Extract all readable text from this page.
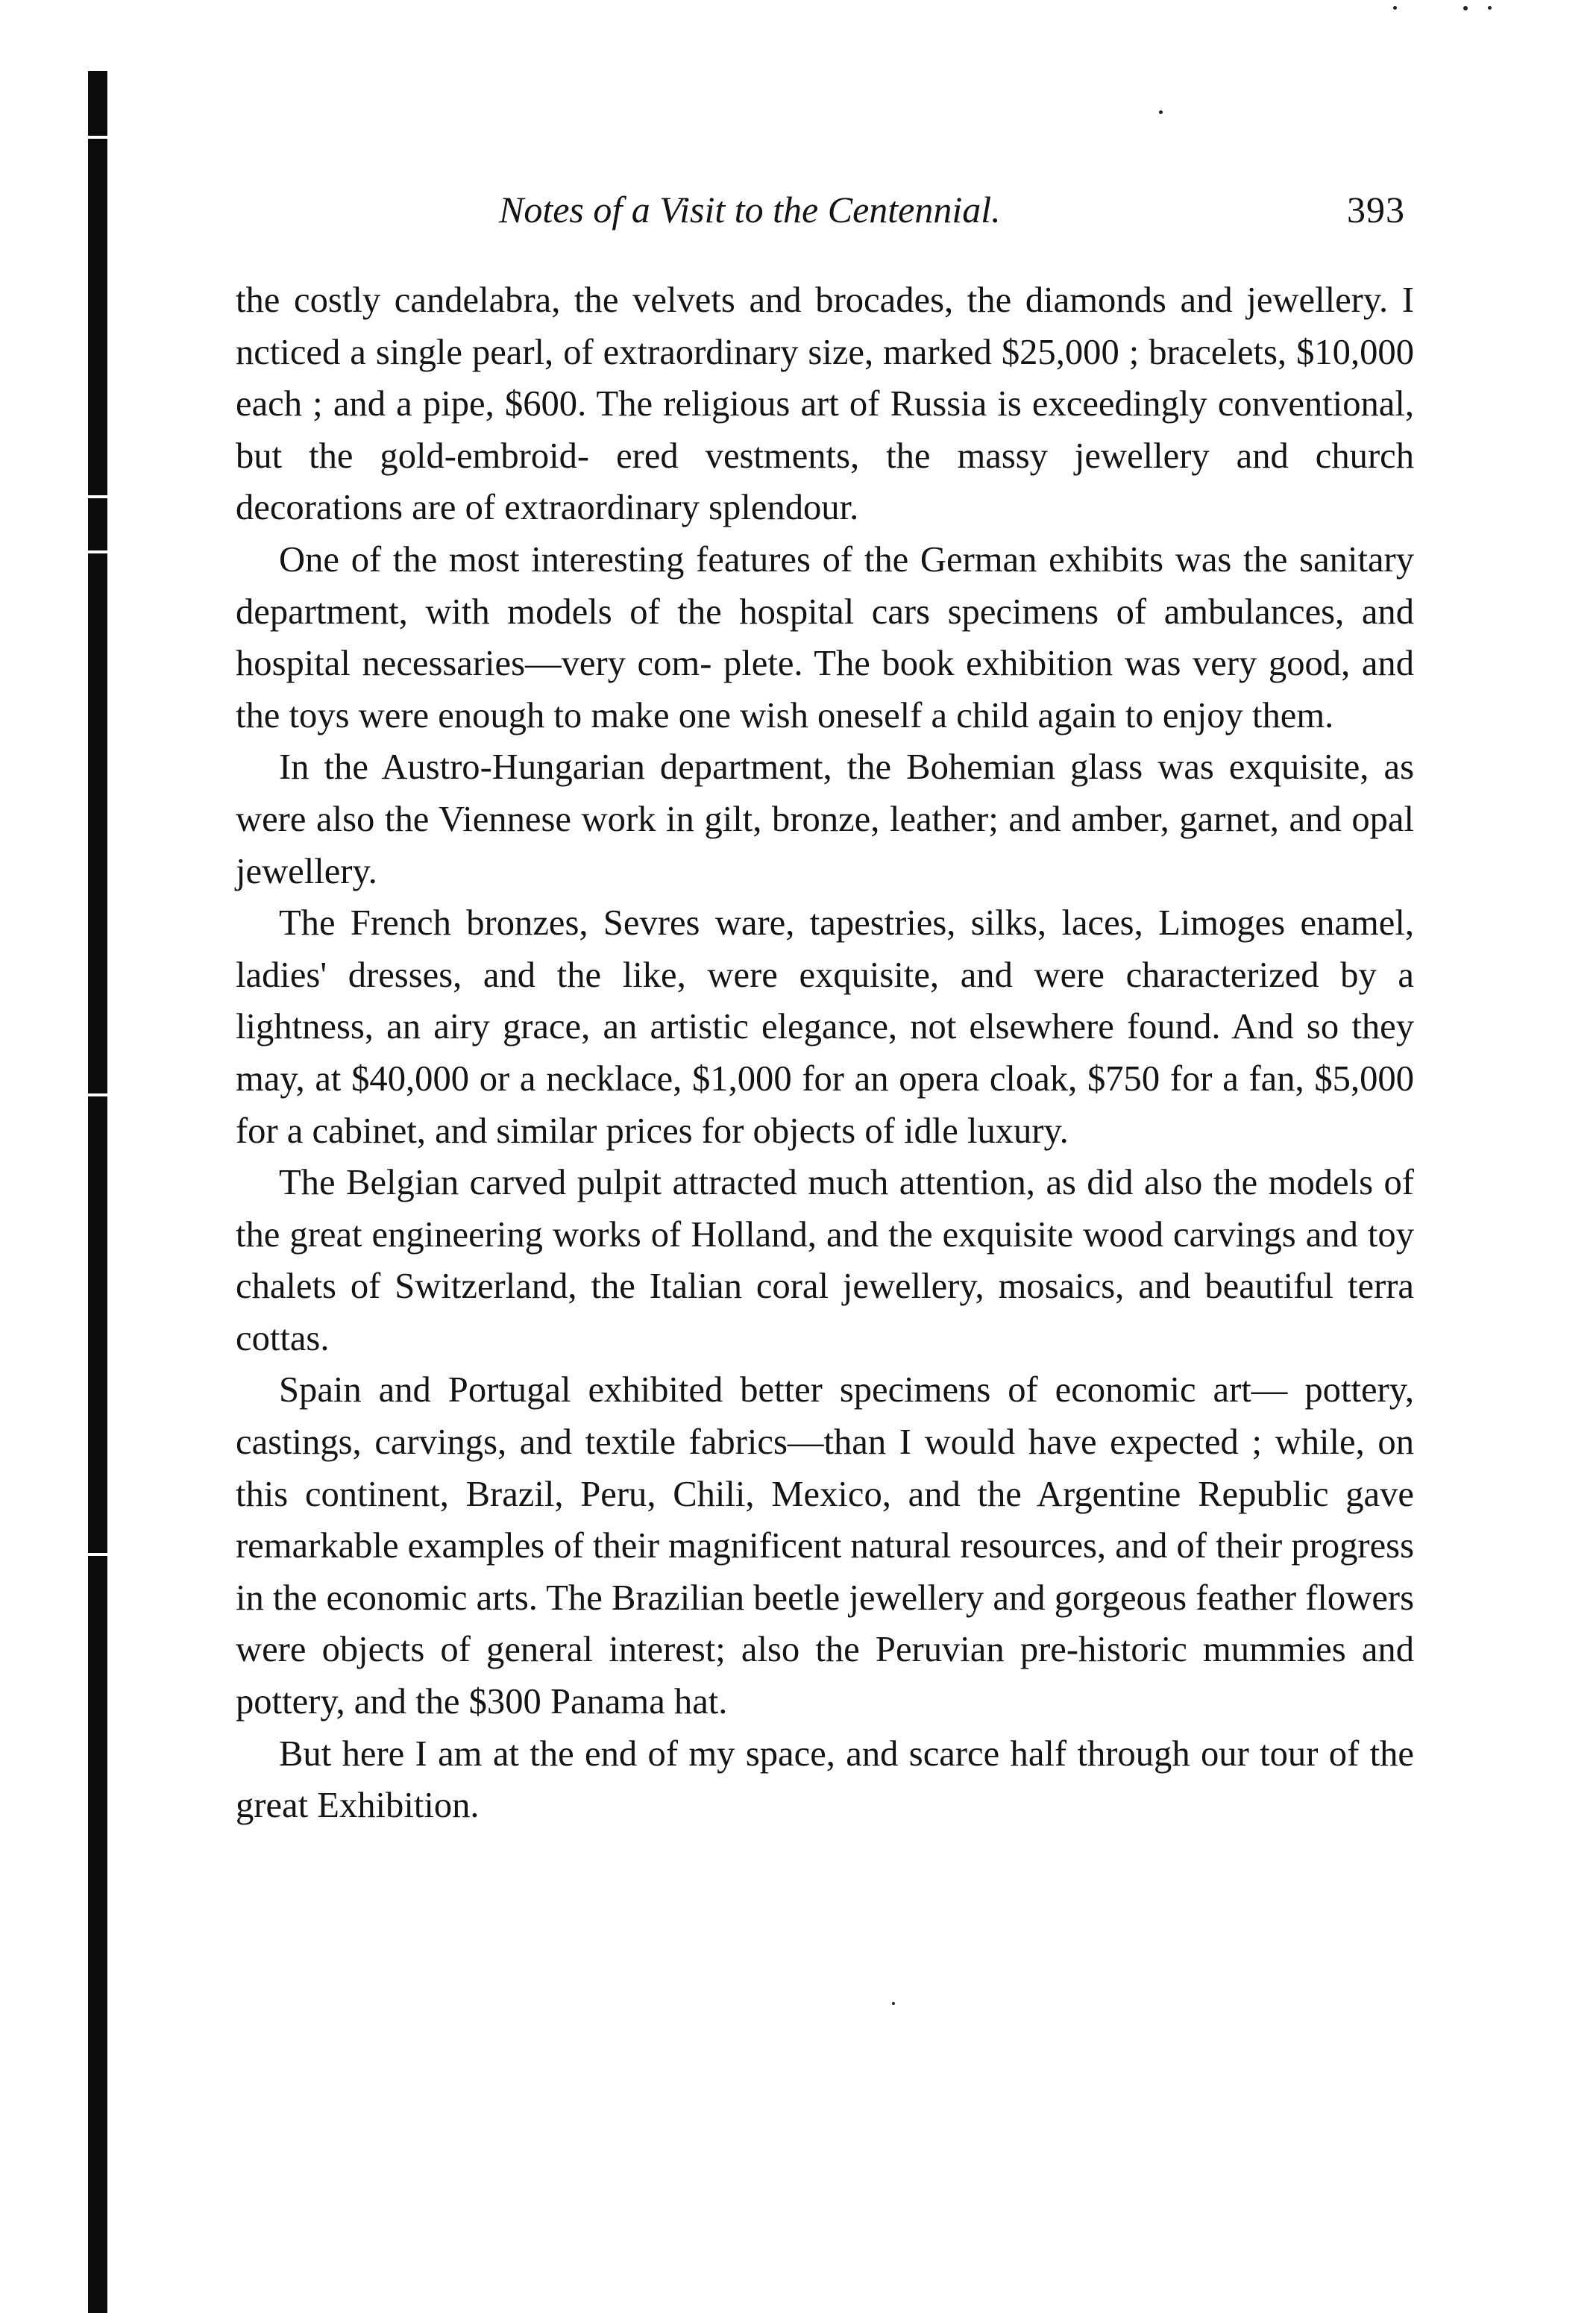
Notes of a Visit to the Centennial.	393

the costly candelabra, the velvets and brocades, the diamonds and jewellery. I ncticed a single pearl, of extraordinary size, marked $25,000 ; bracelets, $10,000 each ; and a pipe, $600. The religious art of Russia is exceedingly conventional, but the gold-embroid- ered vestments, the massy jewellery and church decorations are of extraordinary splendour.

One of the most interesting features of the German exhibits was the sanitary department, with models of the hospital cars specimens of ambulances, and hospital necessaries—very com- plete. The book exhibition was very good, and the toys were enough to make one wish oneself a child again to enjoy them.

In the Austro-Hungarian department, the Bohemian glass was exquisite, as were also the Viennese work in gilt, bronze, leather; and amber, garnet, and opal jewellery.

The French bronzes, Sevres ware, tapestries, silks, laces, Limoges enamel, ladies' dresses, and the like, were exquisite, and were characterized by a lightness, an airy grace, an artistic elegance, not elsewhere found. And so they may, at $40,000 or a necklace, $1,000 for an opera cloak, $750 for a fan, $5,000 for a cabinet, and similar prices for objects of idle luxury.

The Belgian carved pulpit attracted much attention, as did also the models of the great engineering works of Holland, and the exquisite wood carvings and toy chalets of Switzerland, the Italian coral jewellery, mosaics, and beautiful terra cottas.

Spain and Portugal exhibited better specimens of economic art— pottery, castings, carvings, and textile fabrics—than I would have expected ; while, on this continent, Brazil, Peru, Chili, Mexico, and the Argentine Republic gave remarkable examples of their magnificent natural resources, and of their progress in the economic arts. The Brazilian beetle jewellery and gorgeous feather flowers were objects of general interest; also the Peruvian pre-historic mummies and pottery, and the $300 Panama hat.

But here I am at the end of my space, and scarce half through our tour of the great Exhibition.
